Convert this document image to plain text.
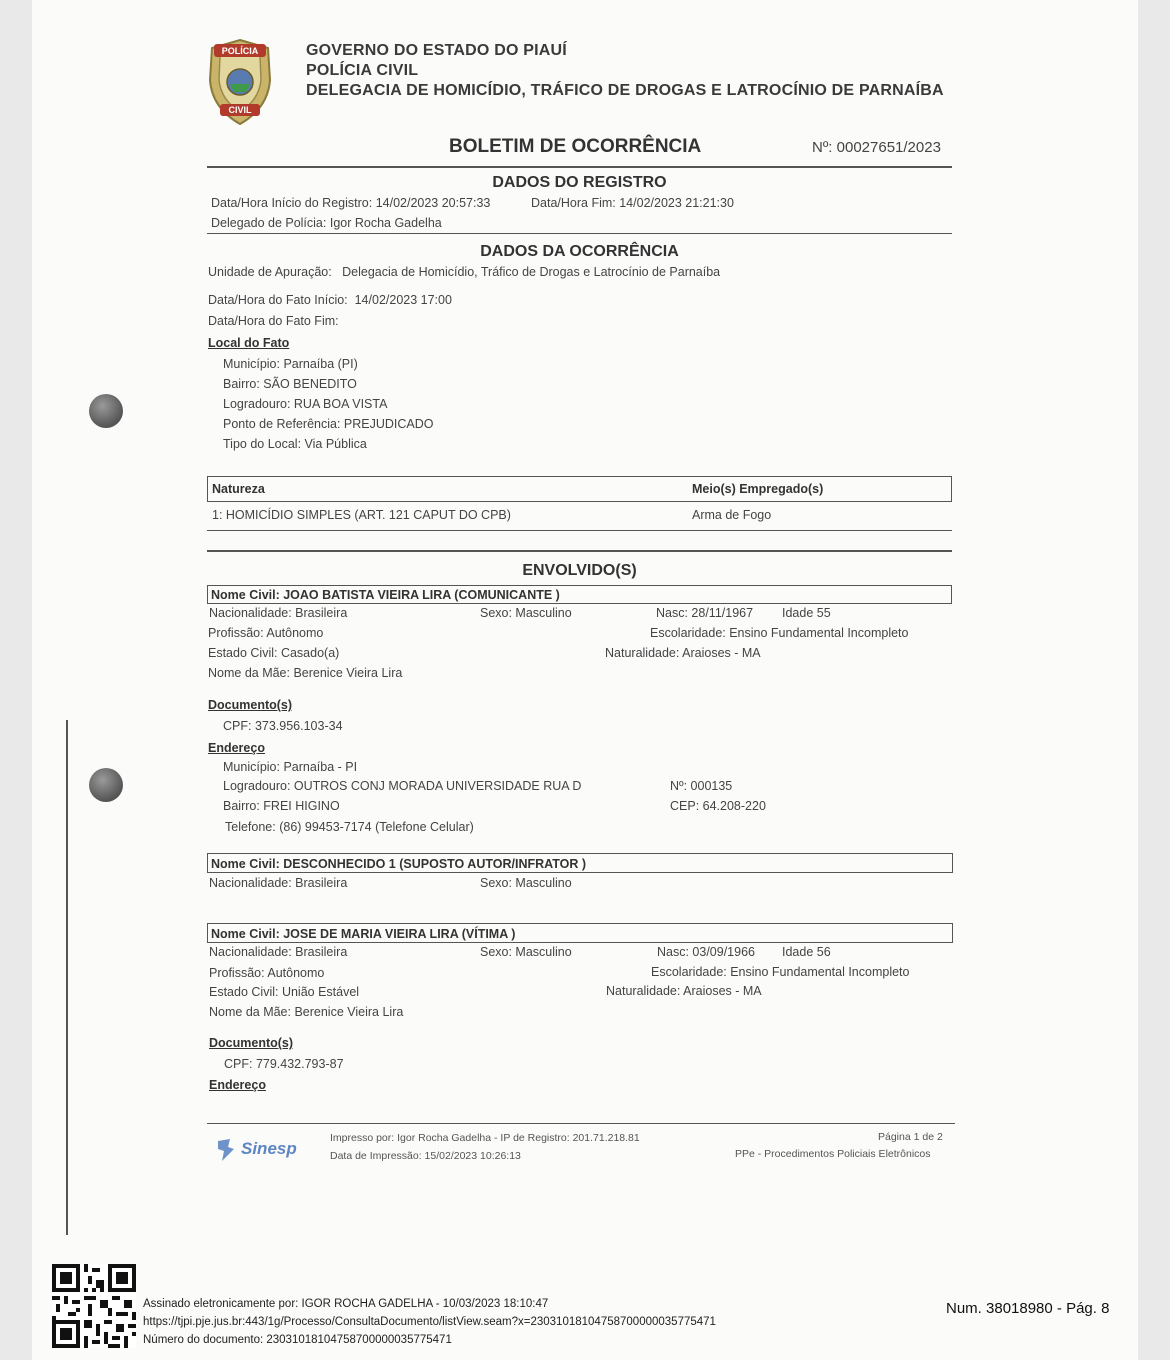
POLÍCIA
CIVIL
GOVERNO DO ESTADO DO PIAUÍ
POLÍCIA CIVIL
DELEGACIA DE HOMICÍDIO, TRÁFICO DE DROGAS E LATROCÍNIO DE PARNAÍBA
BOLETIM DE OCORRÊNCIA	Nº: 00027651/2023
DADOS DO REGISTRO
Data/Hora Início do Registro: 14/02/2023 20:57:33	Data/Hora Fim: 14/02/2023 21:21:30
Delegado de Polícia: Igor Rocha Gadelha
DADOS DA OCORRÊNCIA
Unidade de Apuração: Delegacia de Homicídio, Tráfico de Drogas e Latrocínio de Parnaíba
Data/Hora do Fato Início: 14/02/2023 17:00
Data/Hora do Fato Fim:
Local do Fato
Município: Parnaíba (PI)
Bairro: SÃO BENEDITO
Logradouro: RUA BOA VISTA
Ponto de Referência: PREJUDICADO
Tipo do Local: Via Pública
Natureza	Meio(s) Empregado(s)
1: HOMICÍDIO SIMPLES (ART. 121 CAPUT DO CPB)	Arma de Fogo
ENVOLVIDO(S)
Nome Civil: JOAO BATISTA VIEIRA LIRA (COMUNICANTE )
Nacionalidade: Brasileira	Sexo: Masculino	Nasc: 28/11/1967 Idade 55
Profissão: Autônomo	Escolaridade: Ensino Fundamental Incompleto
Estado Civil: Casado(a)	Naturalidade: Araioses - MA
Nome da Mãe: Berenice Vieira Lira
Documento(s)
CPF: 373.956.103-34
Endereço
Município: Parnaíba - PI
Logradouro: OUTROS CONJ MORADA UNIVERSIDADE RUA D	Nº: 000135
Bairro: FREI HIGINO	CEP: 64.208-220
Telefone: (86) 99453-7174 (Telefone Celular)
Nome Civil: DESCONHECIDO 1 (SUPOSTO AUTOR/INFRATOR )
Nacionalidade: Brasileira	Sexo: Masculino
Nome Civil: JOSE DE MARIA VIEIRA LIRA (VÍTIMA )
Nacionalidade: Brasileira	Sexo: Masculino	Nasc: 03/09/1966 Idade 56
Profissão: Autônomo	Escolaridade: Ensino Fundamental Incompleto
Estado Civil: União Estável	Naturalidade: Araioses - MA
Nome da Mãe: Berenice Vieira Lira
Documento(s)
CPF: 779.432.793-87
Endereço
Sinesp
Impresso por: Igor Rocha Gadelha - IP de Registro: 201.71.218.81
Data de Impressão: 15/02/2023 10:26:13
Página 1 de 2
PPe - Procedimentos Policiais Eletrônicos
Assinado eletronicamente por: IGOR ROCHA GADELHA - 10/03/2023 18:10:47
https://tjpi.pje.jus.br:443/1g/Processo/ConsultaDocumento/listView.seam?x=23031018104758700000035775471
Número do documento: 23031018104758700000035775471
Num. 38018980 - Pág. 8
